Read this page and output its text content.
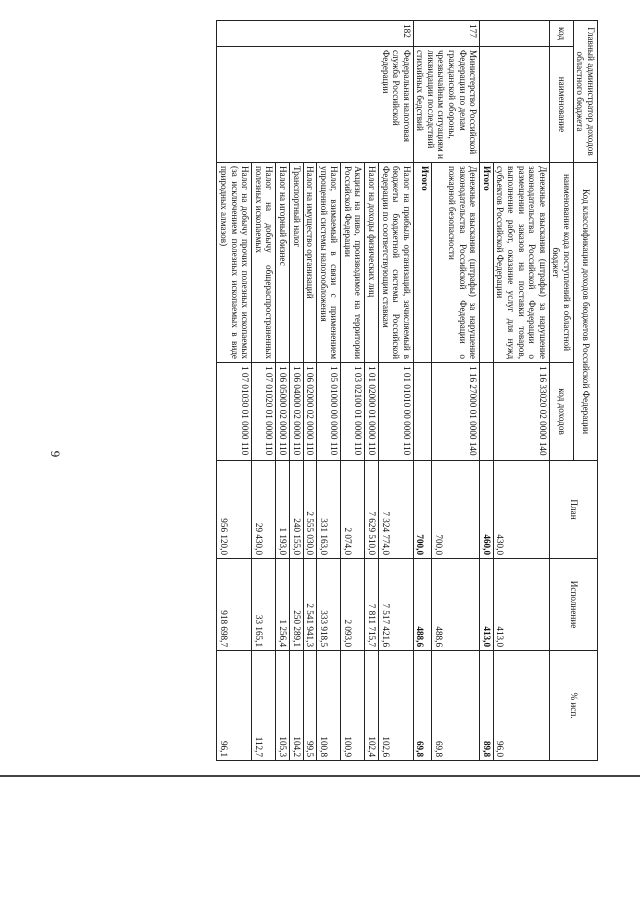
6
Главный администратор доходов областного бюджета		Код классификации доходов бюджетов Российской Федерации		План	Исполнение	% исп.
код	наименование	наименование кода поступлений в областной бюджет	код доходов			
		Денежные взыскания (штрафы) за нарушение законодательства Российской Федерации о размещении заказов на поставки товаров, выполнение работ, оказание услуг для нужд субъектов Российской Федерации	1 16 33020 02 0000 140	430,0	413,0	96,0
		Итого		460,0	413,0	89,8
177	Министерство Российской Федерации по делам гражданской обороны, чрезвычайным ситуациям и ликвидации последствий стихийных бедствий	Денежные взыскания (штрафы) за нарушение законодательства Российской Федерации о пожарной безопасности	1 16 27000 01 0000 140	700,0	488,6	69,8
		Итого		700,0	488,6	69,8
182	Федеральная налоговая служба Российской Федерации	Налог на прибыль организаций, зачисляемый в бюджеты бюджетной системы Российской Федерации по соответствующим ставкам	1 01 01010 00 0000 110	7 324 774,0	7 517 421,6	102,6
		Налог на доходы физических лиц	1 01 02000 01 0000 110	7 629 510,0	7 811 715,7	102,4
		Акцизы на пиво, производимое на территории Российской Федерации	1 03 02100 01 0000 110	2 074,0	2 093,0	100,9
		Налог, взимаемый в связи с применением упрощенной системы налогообложения	1 05 01000 00 0000 110	331 163,0	333 918,5	100,8
		Налог на имущество организаций	1 06 02000 02 0000 110	2 555 030,0	2 541 941,3	99,5
		Транспортный налог	1 06 04000 02 0000 110	240 155,0	250 289,1	104,2
		Налог на игорный бизнес	1 06 05000 02 0000 110	1 193,0	1 256,4	105,3
		Налог на добычу общераспространенных полезных ископаемых	1 07 01020 01 0000 110	29 430,0	33 165,1	112,7
		Налог на добычу прочих полезных ископаемых (за исключением полезных ископаемых в виде природных алмазов)	1 07 01030 01 0000 110	956 120,0	918 698,7	96,1
